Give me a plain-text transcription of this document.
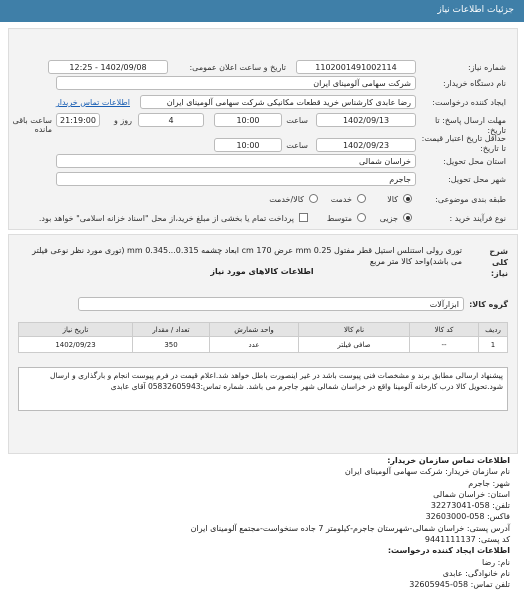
جزئیات اطلاعات نیاز
شماره نیاز:
1102001491002114
تاریخ و ساعت اعلان عمومی:
1402/09/08 - 12:25
نام دستگاه خریدار:
شرکت سهامی آلومینای ایران
ایجاد کننده درخواست:
رضا عابدی کارشناس خرید قطعات مکانیکی شرکت سهامی آلومینای ایران
اطلاعات تماس خریدار
مهلت ارسال پاسخ: تا تاریخ:
1402/09/13
ساعت
10:00
4
روز و
21:19:00
ساعت باقی مانده
حداقل تاریخ اعتبار قیمت: تا تاریخ:
1402/09/23
ساعت
10:00
استان محل تحویل:
خراسان شمالی
شهر محل تحویل:
جاجرم
طبقه بندی موضوعی:
کالا
خدمت
کالا/خدمت
نوع فرآیند خرید :
جزیی
متوسط
پرداخت تمام یا بخشی از مبلغ خرید،از محل "اسناد خزانه اسلامی" خواهد بود.
شرح کلی نیاز:
توری رولی استنلس استیل قطر مفتول 0.25 mm عرض 170 cm ابعاد چشمه 0.315...0.345 mm (توری مورد نظر نوعی فیلتر می باشد)واحد کالا متر مربع
اطلاعات کالاهای مورد نیاز
گروه کالا:
ابزارآلات
ردیف	کد کالا	نام کالا	واحد شمارش	تعداد / مقدار	تاریخ نیاز
1	--	صافی فیلتر	عدد	350	1402/09/23
پیشنهاد ارسالی مطابق برند و مشخصات فنی پیوست باشد در غیر اینصورت باطل خواهد شد.اعلام قیمت در فرم پیوست انجام و بارگذاری و ارسال شود.تحویل کالا درب کارخانه آلومینا واقع در خراسان شمالی شهر جاجرم می باشد. شماره تماس:05832605943 آقای عابدی
اطلاعات تماس سازمان خریدار:
نام سازمان خریدار: شرکت سهامی آلومینای ایران
شهر: جاجرم
استان: خراسان شمالی
تلفن: 058-32273041
فاکس: 058-32603000
آدرس پستی: خراسان شمالی-شهرستان جاجرم-کیلومتر 7 جاده سنخواست-مجتمع آلومینای ایران
کد پستی: 9441111137
اطلاعات ایجاد کننده درخواست:
نام: رضا
نام خانوادگی: عابدی
تلفن تماس: 058-32605945
